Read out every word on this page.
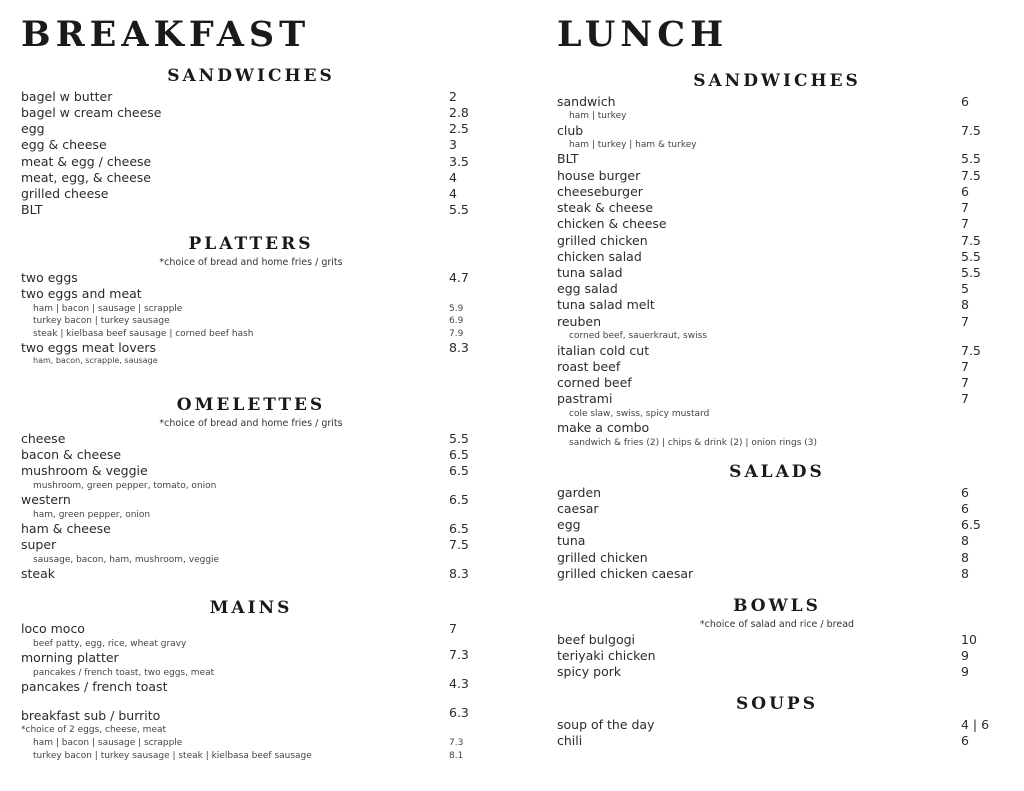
BREAKFAST
SANDWICHES
bagel w butter	2
bagel w cream cheese	2.8
egg	2.5
egg & cheese	3
meat & egg / cheese	3.5
meat, egg, & cheese	4
grilled cheese	4
BLT	5.5
PLATTERS
*choice of bread and home fries / grits
two eggs	4.7
two eggs and meat
ham | bacon | sausage | scrapple	5.9
turkey bacon | turkey sausage	6.9
steak | kielbasa beef sausage | corned beef hash	7.9
two eggs meat lovers	8.3
ham, bacon, scrapple, sausage
OMELETTES
*choice of bread and home fries / grits
cheese	5.5
bacon & cheese	6.5
mushroom & veggie	6.5
mushroom, green pepper, tomato, onion
western	6.5
ham, green pepper, onion
ham & cheese	6.5
super	7.5
sausage, bacon, ham, mushroom, veggie
steak	8.3
MAINS
loco moco	7
beef patty, egg, rice, wheat gravy
morning platter	7.3
pancakes / french toast, two eggs, meat
pancakes / french toast	4.3
breakfast sub / burrito	6.3
*choice of 2 eggs, cheese, meat
ham | bacon | sausage | scrapple	7.3
turkey bacon | turkey sausage | steak | kielbasa beef sausage	8.1
LUNCH
SANDWICHES
sandwich	6
ham | turkey
club	7.5
ham | turkey | ham & turkey
BLT	5.5
house burger	7.5
cheeseburger	6
steak & cheese	7
chicken & cheese	7
grilled chicken	7.5
chicken salad	5.5
tuna salad	5.5
egg salad	5
tuna salad melt	8
reuben	7
corned beef, sauerkraut, swiss
italian cold cut	7.5
roast beef	7
corned beef	7
pastrami	7
cole slaw, swiss, spicy mustard
make a combo
sandwich & fries (2) | chips & drink (2) | onion rings (3)
SALADS
garden	6
caesar	6
egg	6.5
tuna	8
grilled chicken	8
grilled chicken caesar	8
BOWLS
*choice of salad and rice / bread
beef bulgogi	10
teriyaki chicken	9
spicy pork	9
SOUPS
soup of the day	4 | 6
chili	6
